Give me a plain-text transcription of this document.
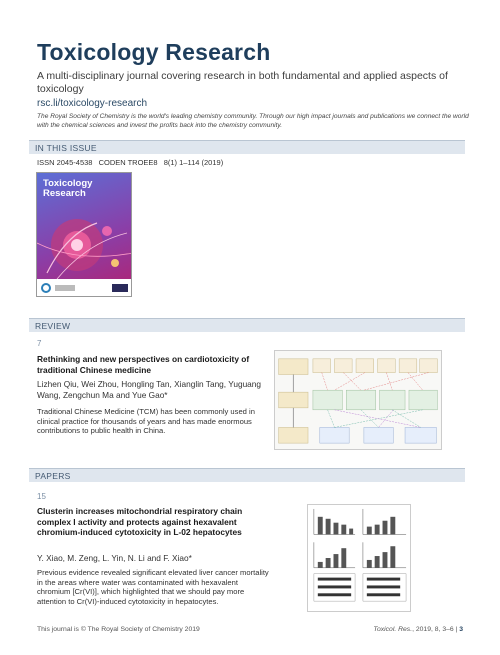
Toxicology Research
A multi-disciplinary journal covering research in both fundamental and applied aspects of toxicology
rsc.li/toxicology-research
The Royal Society of Chemistry is the world's leading chemistry community. Through our high impact journals and publications we connect the world with the chemical sciences and invest the profits back into the chemistry community.
IN THIS ISSUE
ISSN 2045-4538 CODEN TROEE8 8(1) 1–114 (2019)
Toxicology
Research
REVIEW
7
Rethinking and new perspectives on cardiotoxicity of traditional Chinese medicine
Lizhen Qiu, Wei Zhou, Hongling Tan, Xianglin Tang, Yuguang Wang, Zengchun Ma and Yue Gao*
Traditional Chinese Medicine (TCM) has been commonly used in clinical practice for thousands of years and has made enormous contributions to public health in China.
PAPERS
15
Clusterin increases mitochondrial respiratory chain complex I activity and protects against hexavalent chromium-induced cytotoxicity in L-02 hepatocytes
Y. Xiao, M. Zeng, L. Yin, N. Li and F. Xiao*
Previous evidence revealed significant elevated liver cancer mortality in the areas where water was contaminated with hexavalent chromium [Cr(VI)], which highlighted that we should pay more attention to Cr(VI)-induced cytotoxicity in hepatocytes.
This journal is © The Royal Society of Chemistry 2019	Toxicol. Res., 2019, 8, 3–6 | 3
